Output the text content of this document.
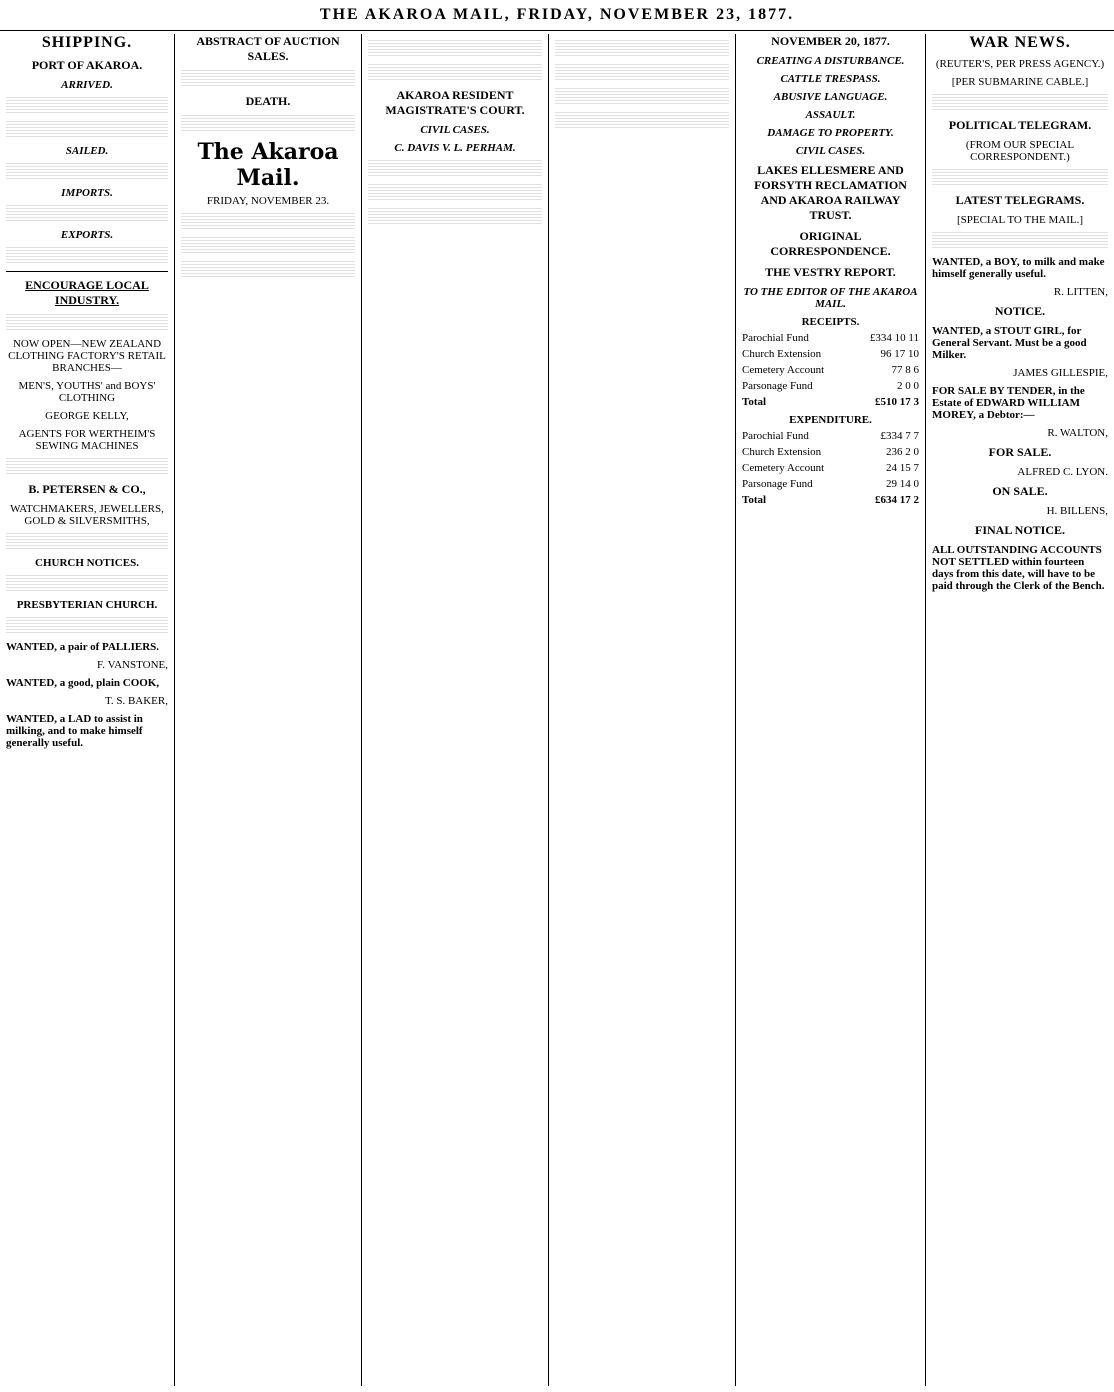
THE AKAROA MAIL, FRIDAY, NOVEMBER 23, 1877.
SHIPPING.
PORT OF AKAROA.
ARRIVED.
SAILED.
IMPORTS.
EXPORTS.
ENCOURAGE LOCAL INDUSTRY.
NOW OPEN—NEW ZEALAND CLOTHING FACTORY'S RETAIL BRANCHES—
MEN'S, YOUTHS' and BOYS' CLOTHING
GEORGE KELLY,
AGENTS FOR WERTHEIM'S SEWING MACHINES
B. PETERSEN & CO.,
WATCHMAKERS, JEWELLERS, GOLD & SILVERSMITHS,
CHURCH NOTICES.
PRESBYTERIAN CHURCH.
WANTED, a pair of PALLIERS.
F. VANSTONE,
WANTED, a good, plain COOK,
T. S. BAKER,
WANTED, a LAD to assist in milking, and to make himself generally useful.
ABSTRACT OF AUCTION SALES.
DEATH.
The Akaroa Mail.
FRIDAY, NOVEMBER 23.
AKAROA RESIDENT MAGISTRATE'S COURT.
CIVIL CASES.
C. DAVIS V. L. PERHAM.
NOVEMBER 20, 1877.
CREATING A DISTURBANCE.
CATTLE TRESPASS.
ABUSIVE LANGUAGE.
ASSAULT.
DAMAGE TO PROPERTY.
CIVIL CASES.
LAKES ELLESMERE AND FORSYTH RECLAMATION AND AKAROA RAILWAY TRUST.
ORIGINAL CORRESPONDENCE.
THE VESTRY REPORT.
TO THE EDITOR OF THE AKAROA MAIL.
RECEIPTS.
Parochial Fund	£334 10 11
Church Extension	96 17 10
Cemetery Account	77 8 6
Parsonage Fund	2 0 0
Total	£510 17 3
EXPENDITURE.
Parochial Fund	£334 7 7
Church Extension	236 2 0
Cemetery Account	24 15 7
Parsonage Fund	29 14 0
Total	£634 17 2
WAR NEWS.
(REUTER'S, PER PRESS AGENCY.)
[PER SUBMARINE CABLE.]
POLITICAL TELEGRAM.
(FROM OUR SPECIAL CORRESPONDENT.)
LATEST TELEGRAMS.
[SPECIAL TO THE MAIL.]
WANTED, a BOY, to milk and make himself generally useful.
R. LITTEN,
NOTICE.
WANTED, a STOUT GIRL, for General Servant. Must be a good Milker.
JAMES GILLESPIE,
FOR SALE BY TENDER, in the Estate of EDWARD WILLIAM MOREY, a Debtor:—
R. WALTON,
FOR SALE.
ALFRED C. LYON.
ON SALE.
H. BILLENS,
FINAL NOTICE.
ALL OUTSTANDING ACCOUNTS NOT SETTLED within fourteen days from this date, will have to be paid through the Clerk of the Bench.
